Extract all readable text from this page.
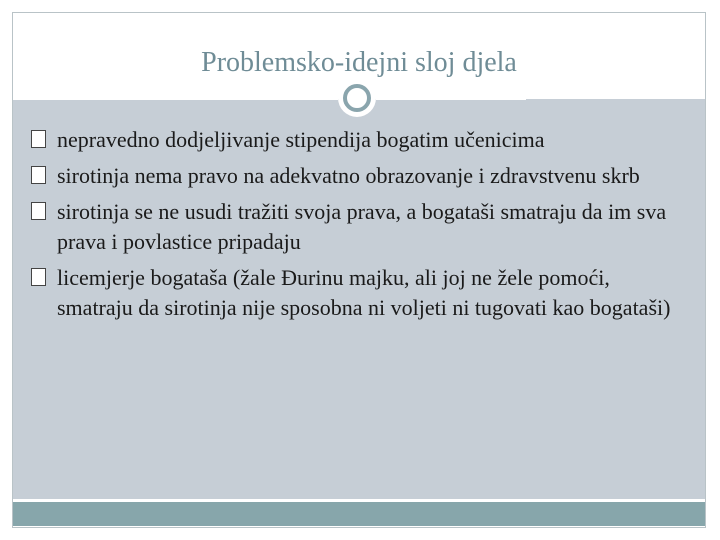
Problemsko-idejni sloj djela
nepravedno dodjeljivanje stipendija bogatim učenicima
sirotinja nema pravo na adekvatno obrazovanje i zdravstvenu skrb
sirotinja se ne usudi tražiti svoja prava, a bogataši smatraju da im sva prava i povlastice pripadaju
licemjerje bogataša (žale Đurinu majku, ali joj ne žele pomoći, smatraju da sirotinja nije sposobna ni voljeti ni tugovati kao bogataši)
